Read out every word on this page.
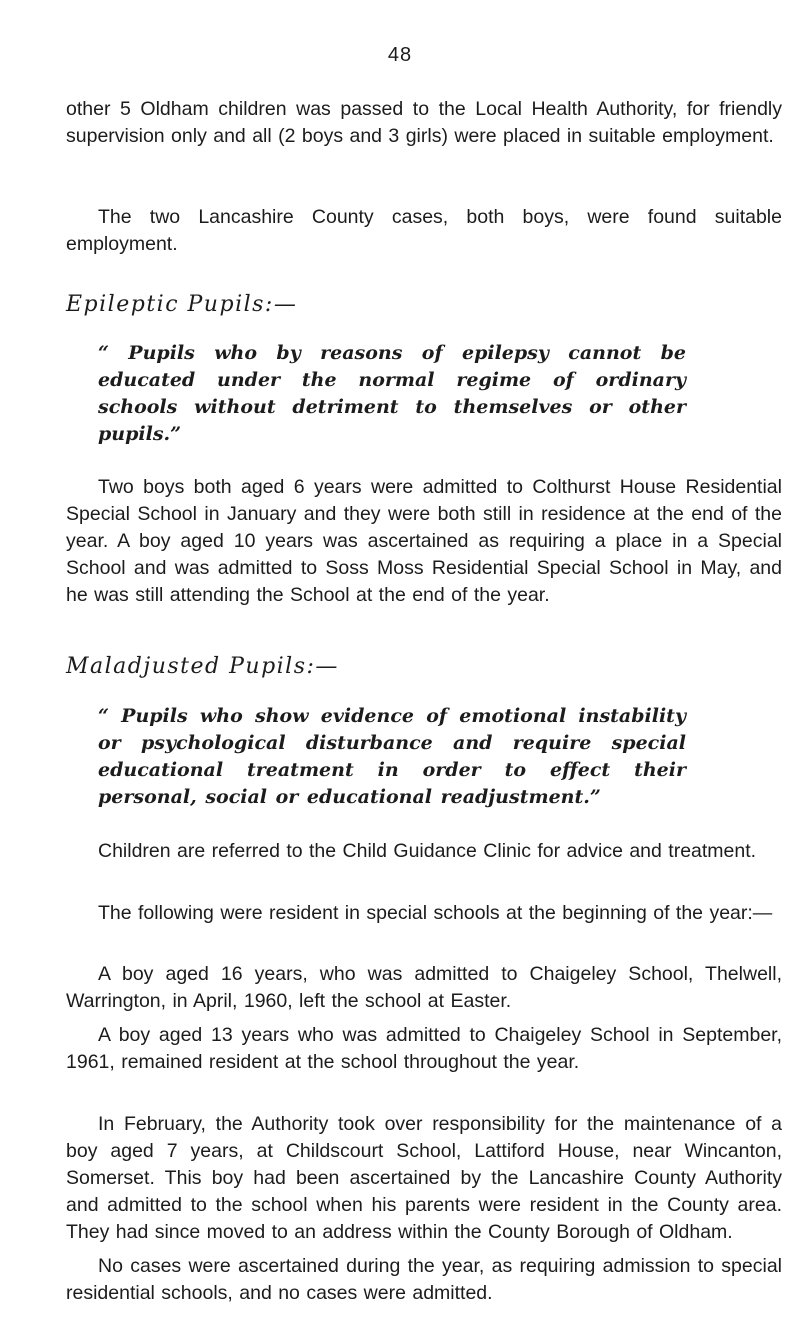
48

other 5 Oldham children was passed to the Local Health Authority, for friendly supervision only and all (2 boys and 3 girls) were placed in suitable employment.

The two Lancashire County cases, both boys, were found suitable employment.

Epileptic Pupils:—

“ Pupils who by reasons of epilepsy cannot be educated under the normal regime of ordinary schools without detriment to themselves or other pupils.”

Two boys both aged 6 years were admitted to Colthurst House Residential Special School in January and they were both still in residence at the end of the year. A boy aged 10 years was ascertained as requiring a place in a Special School and was admitted to Soss Moss Residential Special School in May, and he was still attending the School at the end of the year.

Maladjusted Pupils:—

“ Pupils who show evidence of emotional instability or psychological disturbance and require special educational treatment in order to effect their personal, social or educational readjustment.”

Children are referred to the Child Guidance Clinic for advice and treatment.

The following were resident in special schools at the beginning of the year:—

A boy aged 16 years, who was admitted to Chaigeley School, Thelwell, Warrington, in April, 1960, left the school at Easter.

A boy aged 13 years who was admitted to Chaigeley School in September, 1961, remained resident at the school throughout the year.

In February, the Authority took over responsibility for the maintenance of a boy aged 7 years, at Childscourt School, Lattiford House, near Wincanton, Somerset. This boy had been ascertained by the Lancashire County Authority and admitted to the school when his parents were resident in the County area. They had since moved to an address within the County Borough of Oldham.

No cases were ascertained during the year, as requiring admission to special residential schools, and no cases were admitted.
